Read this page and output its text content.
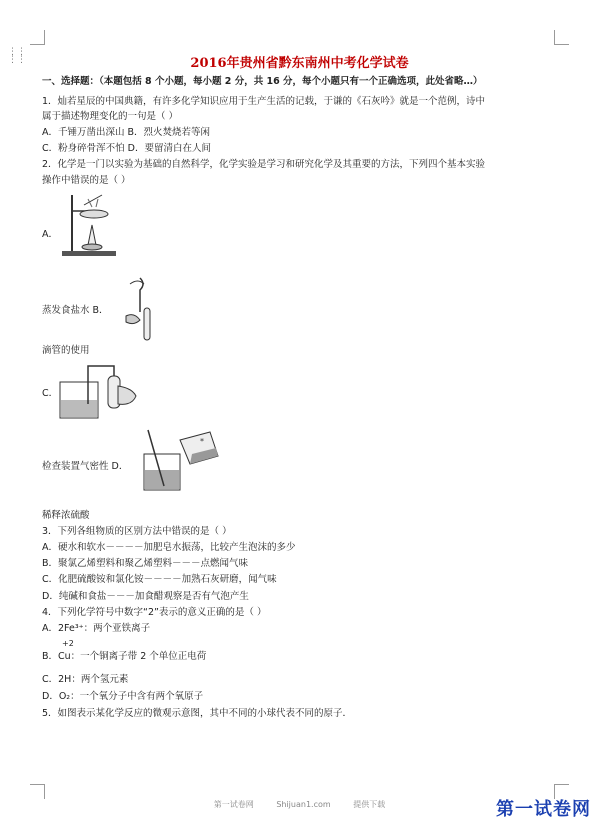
⋮⋮
⋮⋮	2016年贵州省黔东南州中考化学试卷
一、选择题：（本题包括 8 个小题，每小题 2 分，共 16 分，每个小题只有一个正确选项，此处省略…）
1．灿若星辰的中国典籍，有许多化学知识应用于生产生活的记载，于谦的《石灰吟》就是一个范例，诗中
属于描述物理变化的一句是（ ）
A．千锤万凿出深山 B．烈火焚烧若等闲
C．粉身碎骨浑不怕 D．要留清白在人间
2．化学是一门以实验为基础的自然科学，化学实验是学习和研究化学及其重要的方法，下列四个基本实验
操作中错误的是（ ）
A．
蒸发食盐水 B．
滴管的使用
C．
*
检查装置气密性 D．
稀释浓硫酸
3．下列各组物质的区别方法中错误的是（ ）
A．硬水和软水－－－－加肥皂水振荡，比较产生泡沫的多少
B．聚氯乙烯塑料和聚乙烯塑料－－－点燃闻气味
C．化肥硫酸铵和氯化铵－－－－加熟石灰研磨，闻气味
D．纯碱和食盐－－－加食醋观察是否有气泡产生
4．下列化学符号中数字“2”表示的意义正确的是（ ）
A．2Fe³⁺：两个亚铁离子
+2
B．Cu：一个铜离子带 2 个单位正电荷
C．2H：两个氢元素
D．O₂：一个氧分子中含有两个氧原子
5．如图表示某化学反应的微观示意图，其中不同的小球代表不同的原子．
第一试卷网	Shijuan1.com	提供下载	第一试卷网
